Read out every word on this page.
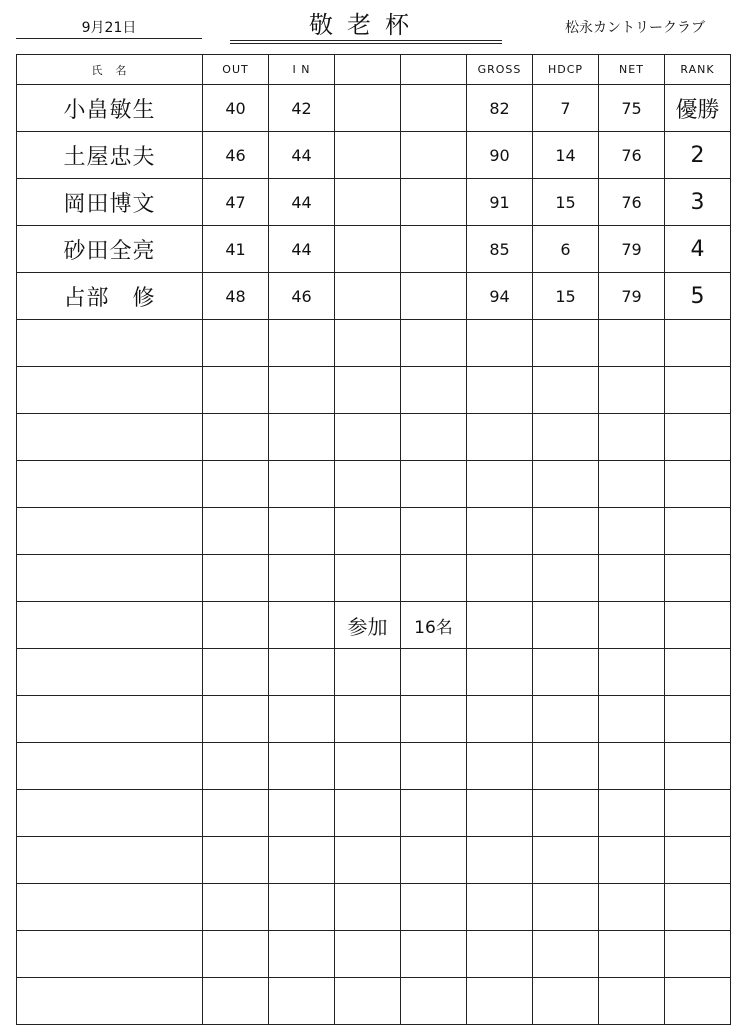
9月21日	敬老杯	松永カントリークラブ
氏　名	OUT	I N			GROSS	HDCP	NET	RANK
小畠敏生	40	42			82	7	75	優勝
土屋忠夫	46	44			90	14	76	2
岡田博文	47	44			91	15	76	3
砂田全亮	41	44			85	6	79	4
占部　修	48	46			94	15	79	5

			参加	16名				
